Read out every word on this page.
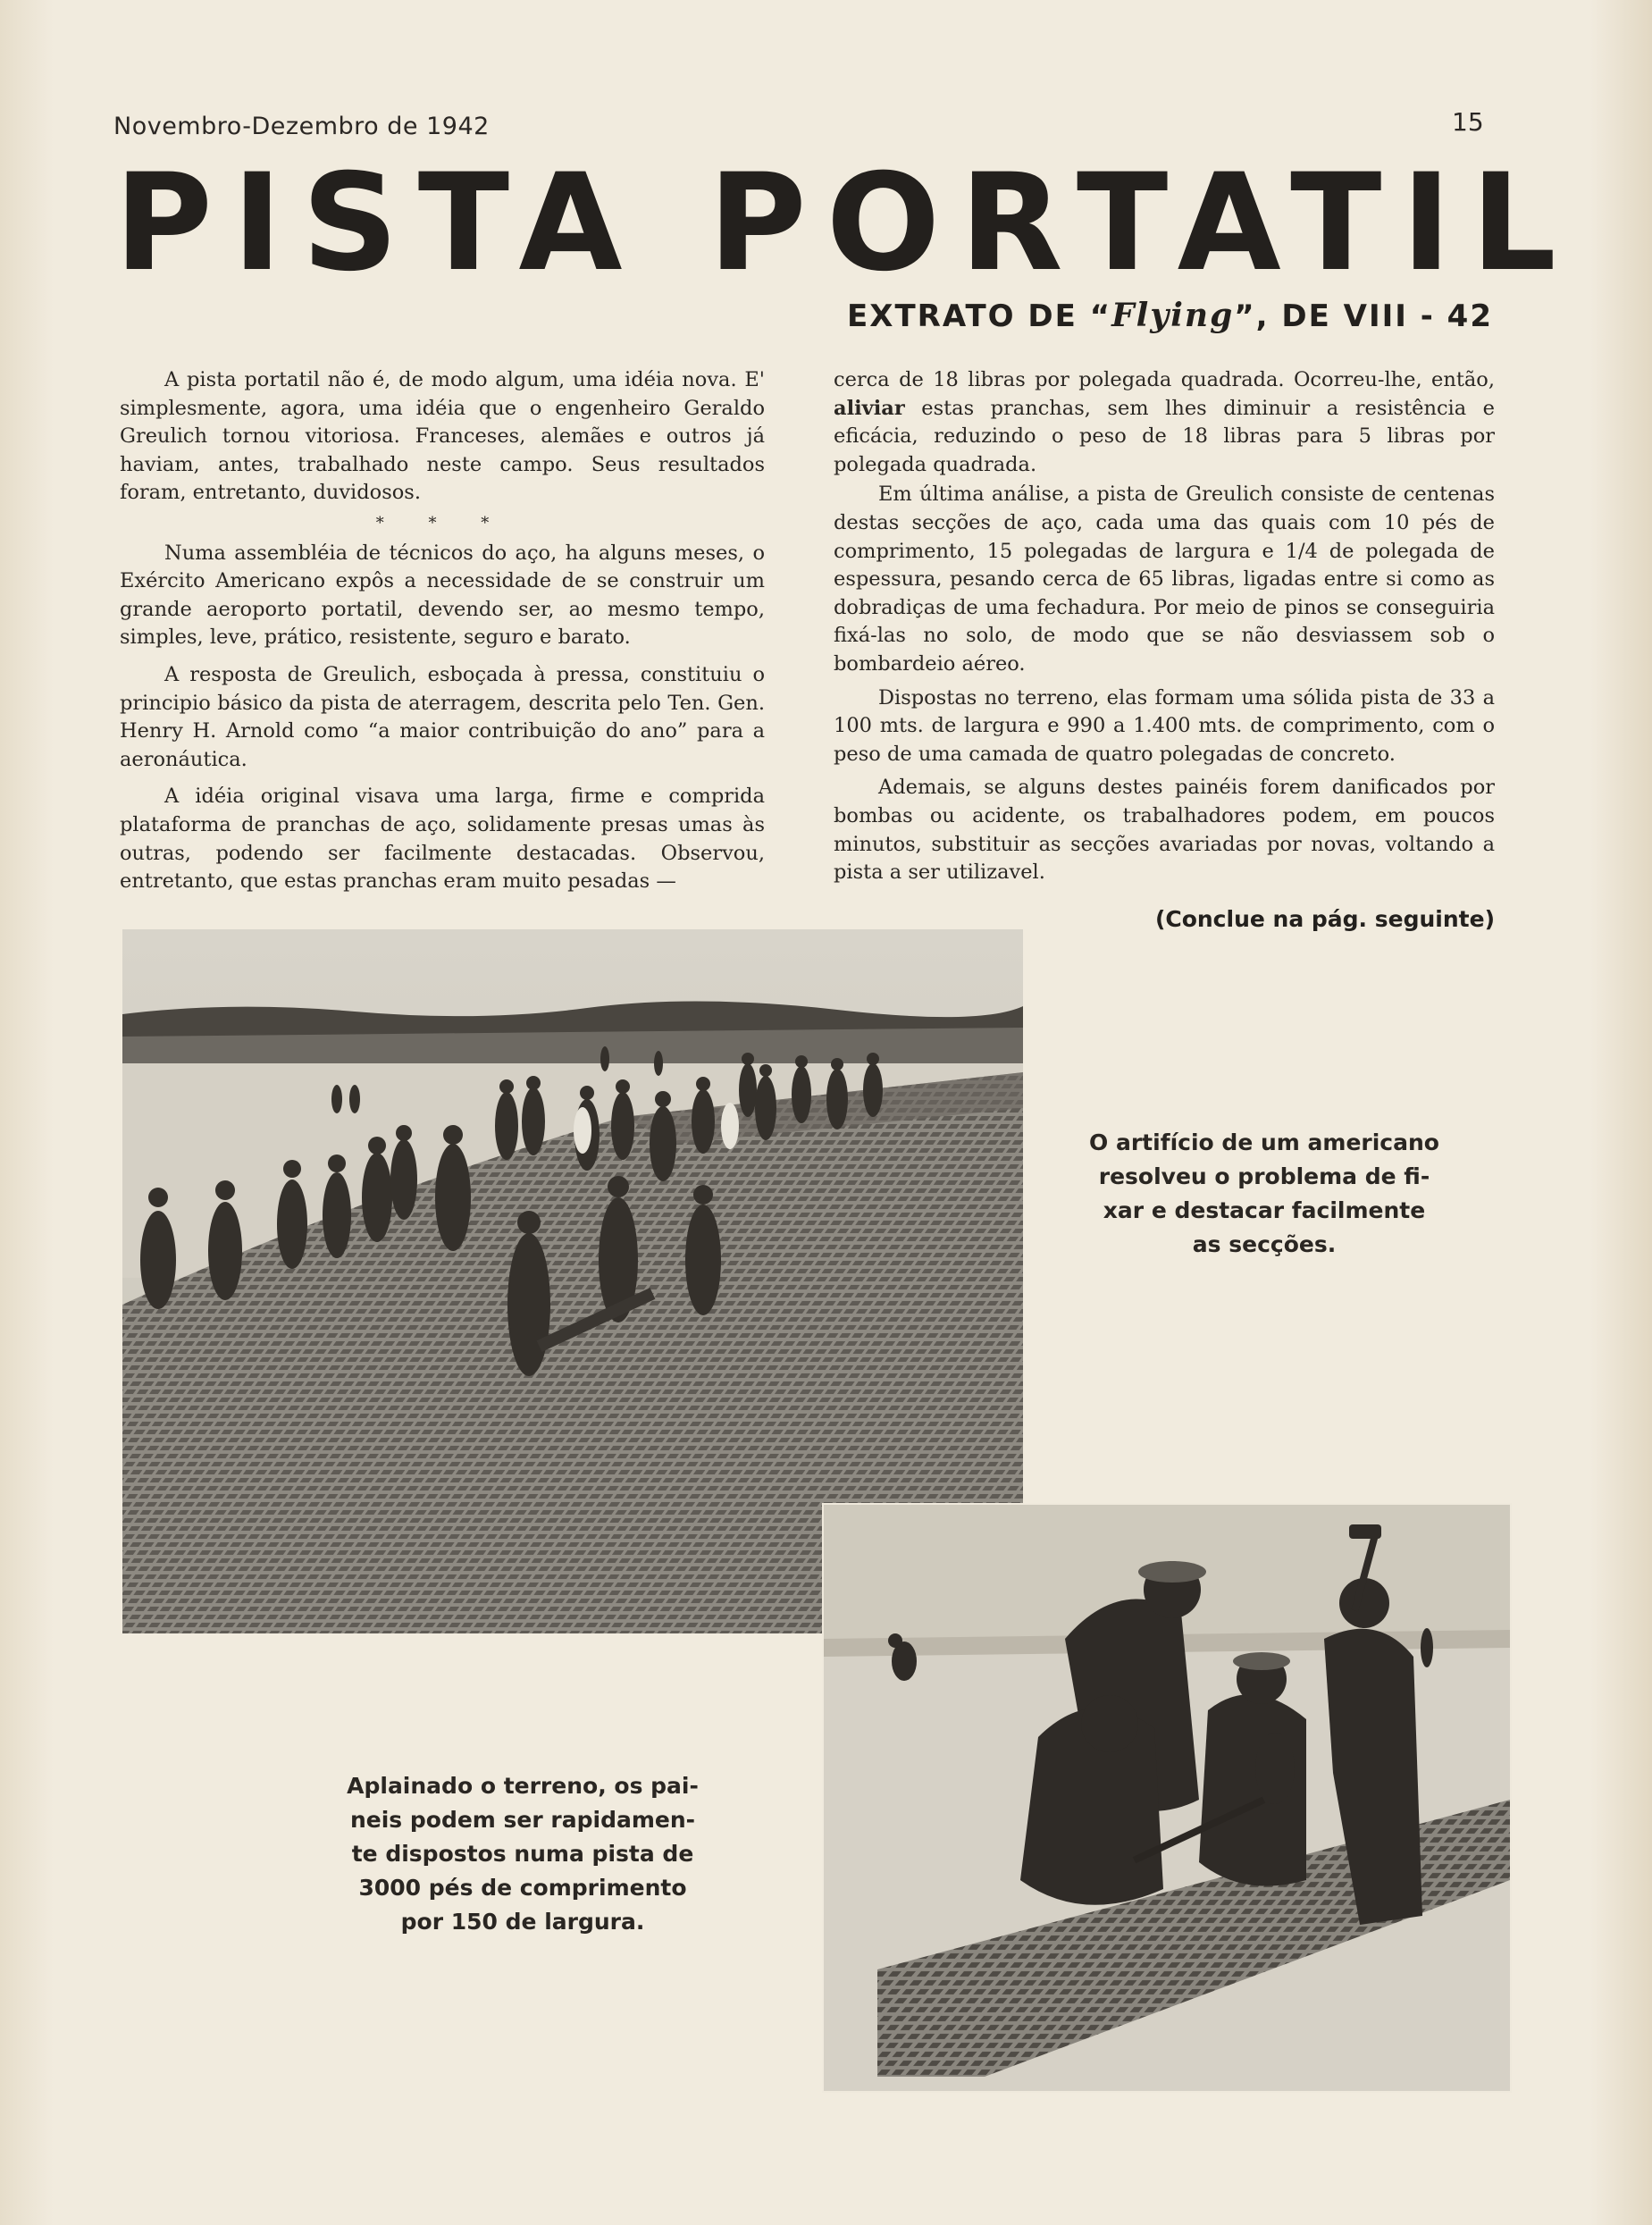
Novembro-Dezembro de 1942	15
PISTA PORTATIL
EXTRATO DE “Flying”, DE VIII - 42

A pista portatil não é, de modo algum, uma idéia nova. E' simplesmente, agora, uma idéia que o engenheiro Geraldo Greulich tornou vitoriosa. Franceses, alemães e outros já haviam, antes, trabalhado neste campo. Seus resultados foram, entretanto, duvidosos.

* * *

Numa assembléia de técnicos do aço, ha alguns meses, o Exército Americano expôs a necessidade de se construir um grande aeroporto portatil, devendo ser, ao mesmo tempo, simples, leve, prático, resistente, seguro e barato.

A resposta de Greulich, esboçada à pressa, constituiu o principio básico da pista de aterragem, descrita pelo Ten. Gen. Henry H. Arnold como “a maior contribuição do ano” para a aeronáutica.

A idéia original visava uma larga, firme e comprida plataforma de pranchas de aço, solidamente presas umas às outras, podendo ser facilmente destacadas. Observou, entretanto, que estas pranchas eram muito pesadas —

cerca de 18 libras por polegada quadrada. Ocorreu-lhe, então, aliviar estas pranchas, sem lhes diminuir a resistência e eficácia, reduzindo o peso de 18 libras para 5 libras por polegada quadrada.

Em última análise, a pista de Greulich consiste de centenas destas secções de aço, cada uma das quais com 10 pés de comprimento, 15 polegadas de largura e 1/4 de polegada de espessura, pesando cerca de 65 libras, ligadas entre si como as dobradiças de uma fechadura. Por meio de pinos se conseguiria fixá-las no solo, de modo que se não desviassem sob o bombardeio aéreo.

Dispostas no terreno, elas formam uma sólida pista de 33 a 100 mts. de largura e 990 a 1.400 mts. de comprimento, com o peso de uma camada de quatro polegadas de concreto.

Ademais, se alguns destes painéis forem danificados por bombas ou acidente, os trabalhadores podem, em poucos minutos, substituir as secções avariadas por novas, voltando a pista a ser utilizavel.

(Conclue na pág. seguinte)
O artifício de um americano
resolveu o problema de fi-
xar e destacar facilmente
as secções.
Aplainado o terreno, os pai-
neis podem ser rapidamen-
te dispostos numa pista de
3000 pés de comprimento
por 150 de largura.
